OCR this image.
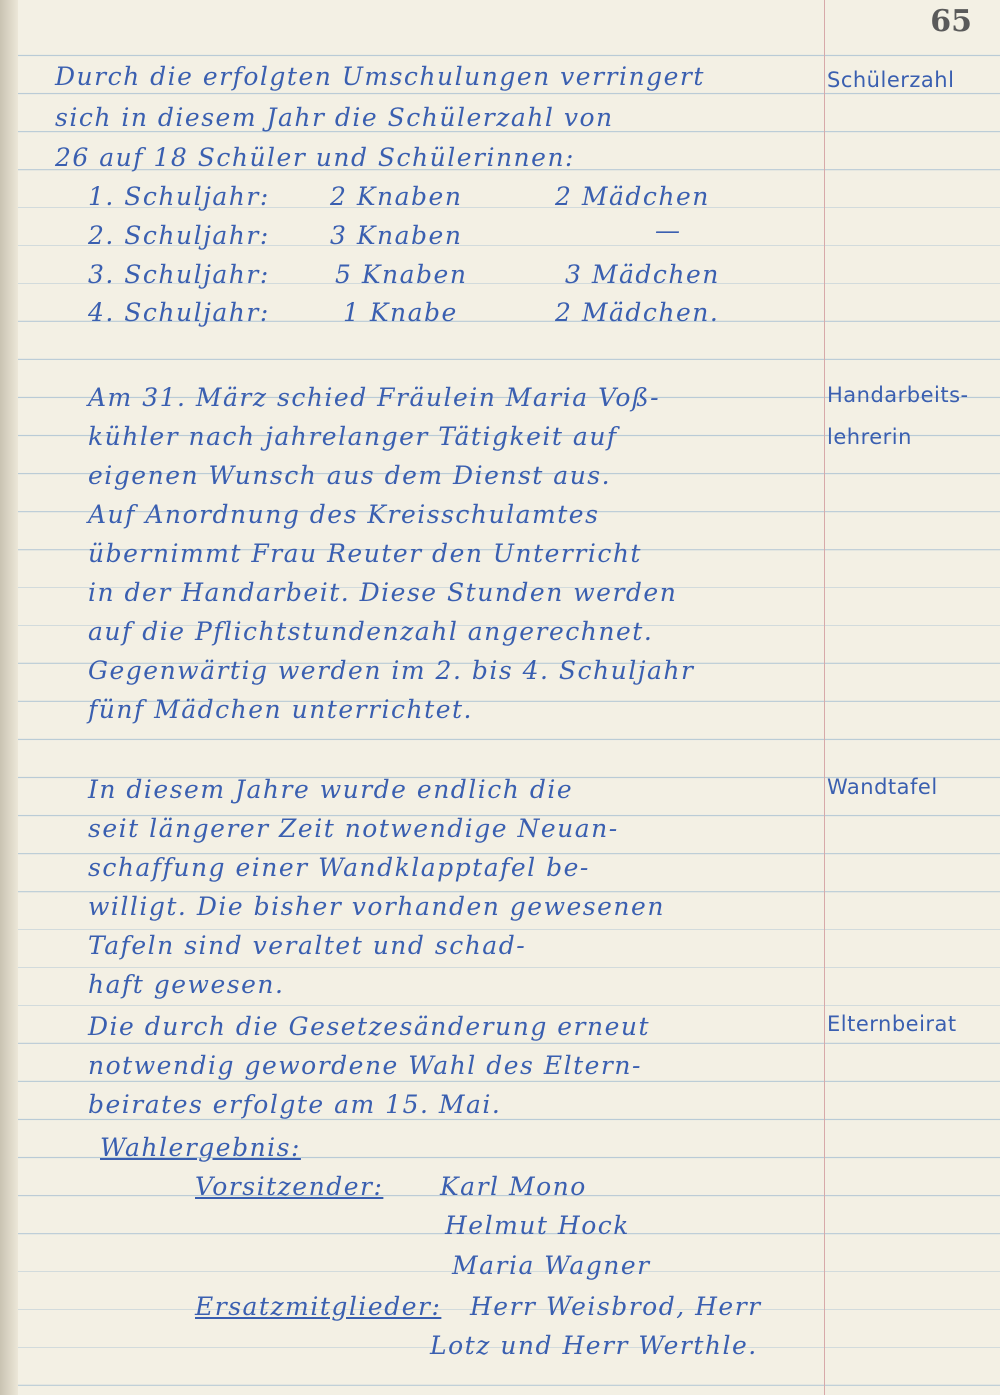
65
Schülerzahl
Handarbeits-
lehrerin
Wandtafel
Elternbeirat
Durch die erfolgten Umschulungen verringert
sich in diesem Jahr die Schülerzahl von
26 auf 18 Schüler und Schülerinnen:
1. Schuljahr: 2 Knaben	2 Mädchen
2. Schuljahr: 3 Knaben	—
3. Schuljahr:	5 Knaben	3 Mädchen
4. Schuljahr:	1 Knabe	2 Mädchen.
Am 31. März schied Fräulein Maria Voß-
kühler nach jahrelanger Tätigkeit auf
eigenen Wunsch aus dem Dienst aus.
Auf Anordnung des Kreisschulamtes
übernimmt Frau Reuter den Unterricht
in der Handarbeit. Diese Stunden werden
auf die Pflichtstundenzahl angerechnet.
Gegenwärtig werden im 2. bis 4. Schuljahr
fünf Mädchen unterrichtet.
In diesem Jahre wurde endlich die
seit längerer Zeit notwendige Neuan-
schaffung einer Wandklapptafel be-
willigt. Die bisher vorhanden gewesenen
Tafeln sind veraltet und schad-
haft gewesen.
Die durch die Gesetzesänderung erneut
notwendig gewordene Wahl des Eltern-
beirates erfolgte am 15. Mai.
Wahlergebnis:
Vorsitzender: Karl Mono
Helmut Hock
Maria Wagner
Ersatzmitglieder: Herr Weisbrod, Herr
Lotz und Herr Werthle.
